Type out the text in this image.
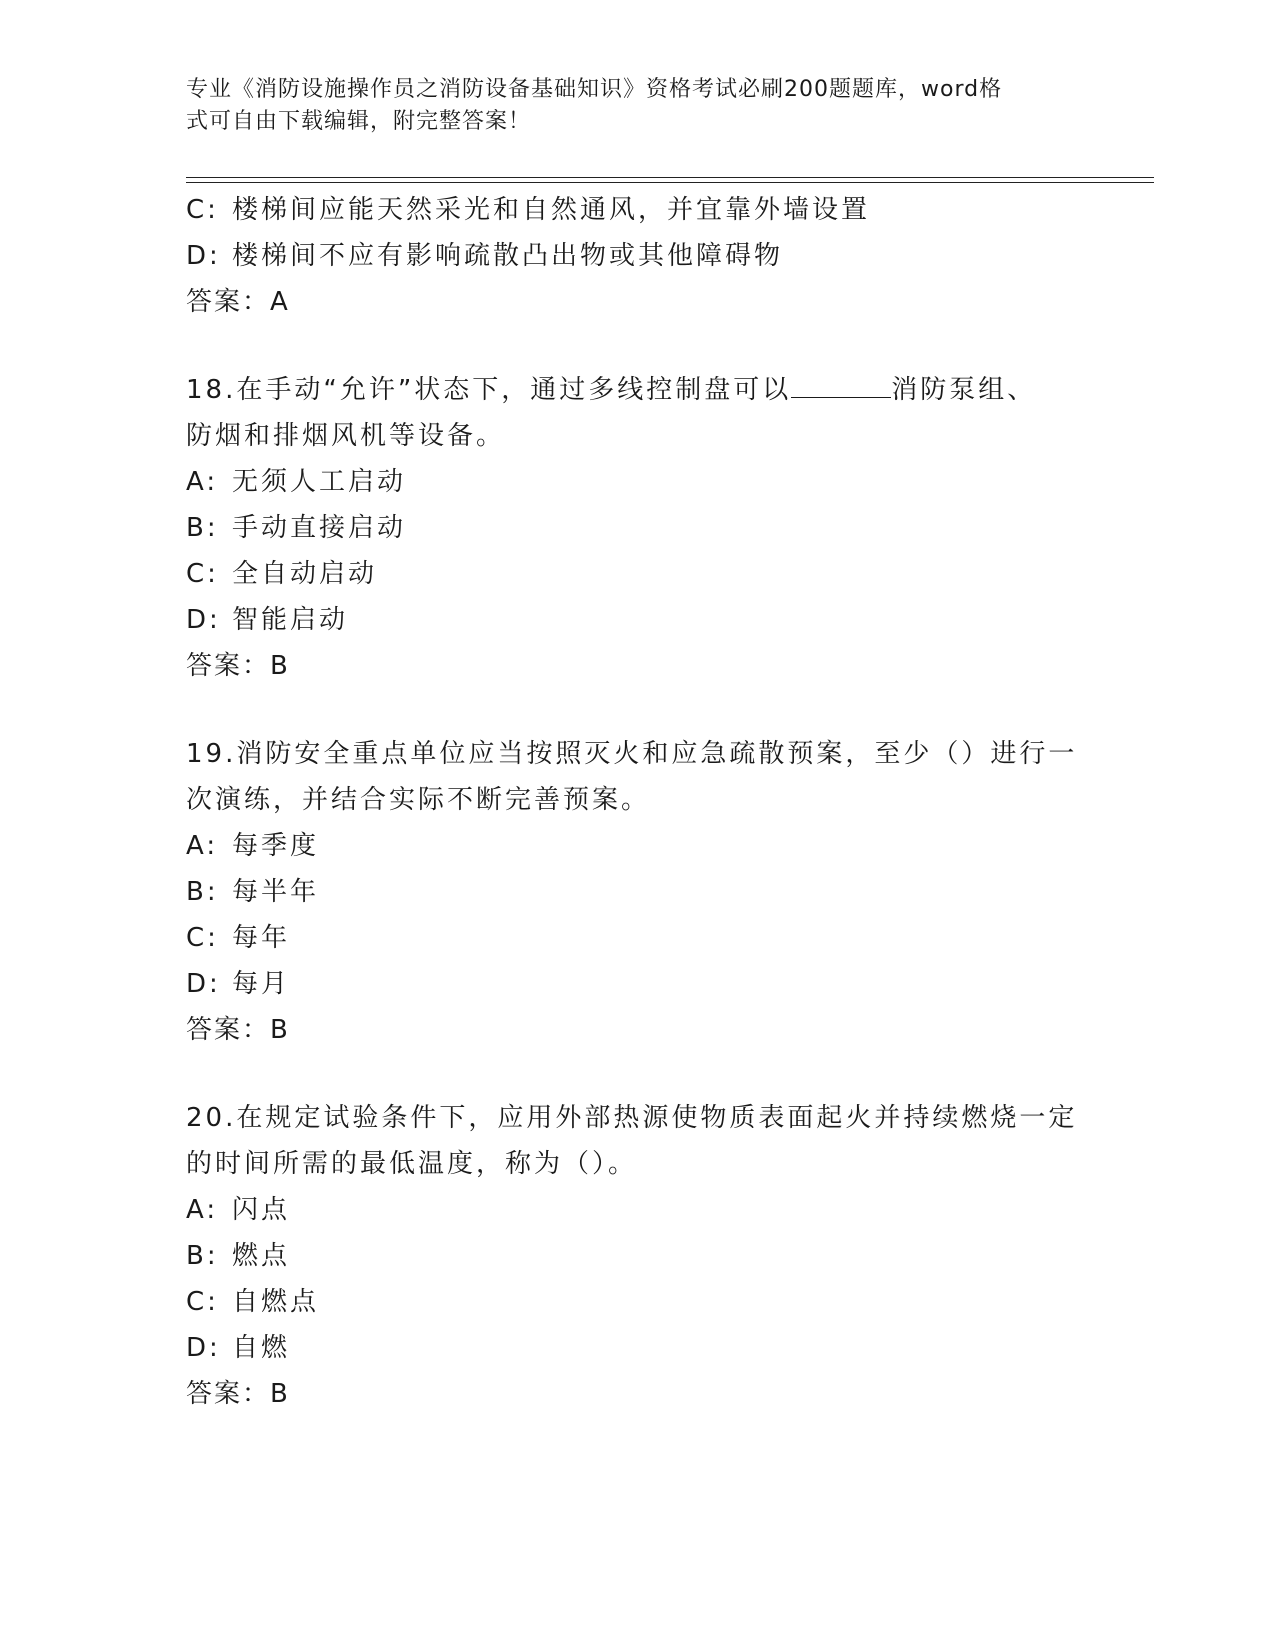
专业《消防设施操作员之消防设备基础知识》资格考试必刷200题题库，word格
式可自由下载编辑，附完整答案！
C: 楼梯间应能天然采光和自然通风，并宜靠外墙设置
D: 楼梯间不应有影响疏散凸出物或其他障碍物
答案：A
18.在手动“允许”状态下，通过多线控制盘可以	消防泵组、
防烟和排烟风机等设备。
A: 无须人工启动
B: 手动直接启动
C: 全自动启动
D: 智能启动
答案：B
19.消防安全重点单位应当按照灭火和应急疏散预案，至少（）进行一
次演练，并结合实际不断完善预案。
A: 每季度
B: 每半年
C: 每年
D: 每月
答案：B
20.在规定试验条件下，应用外部热源使物质表面起火并持续燃烧一定
的时间所需的最低温度，称为（）。
A: 闪点
B: 燃点
C: 自燃点
D: 自燃
答案：B
